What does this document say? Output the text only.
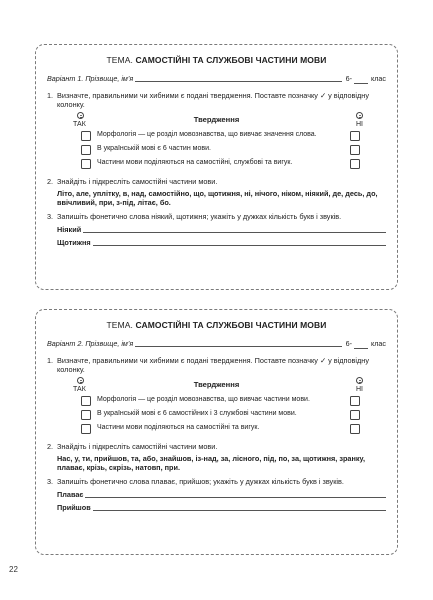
ТЕМА. САМОСТІЙНІ ТА СЛУЖБОВІ ЧАСТИНИ МОВИ
Варіант 1. Прізвище, ім’я	6-	клас
1. Визначте, правильними чи хибними є подані твердження. Поставте позначку ✓ у відповідну колонку.
ТАК	НІ
Твердження
Морфологія — це розділ мовознавства, що вивчає значення слова.
В українській мові є 6 частин мови.
Частини мови поділяються на самостійні, службові та вигук.
2. Знайдіть і підкресліть самостійні частини мови.
Літо, але, уплітку, в, над, самостійно, що, щотижня, ні, нічого, ніком, ніякий, де, десь, до, ввічливий, при, з-під, літає, бо.
3. Запишіть фонетично слова ніякий, щотижня; укажіть у дужках кількість букв і звуків.
Ніякий
Щотижня
ТЕМА. САМОСТІЙНІ ТА СЛУЖБОВІ ЧАСТИНИ МОВИ
Варіант 2. Прізвище, ім’я	6-	клас
1. Визначте, правильними чи хибними є подані твердження. Поставте позначку ✓ у відповідну колонку.
ТАК	НІ
Твердження
Морфологія — це розділ мовознавства, що вивчає частини мови.
В українській мові є 6 самостійних і 3 службові частини мови.
Частини мови поділяються на самостійні та вигук.
2. Знайдіть і підкресліть самостійні частини мови.
Нас, у, ти, прийшов, та, або, знайшов, із-над, за, лісного, під, по, за, щотижня, зранку, плаває, крізь, скрізь, натовп, при.
3. Запишіть фонетично слова плаває, прийшов; укажіть у дужках кількість букв і звуків.
Плаває
Прийшов
22
